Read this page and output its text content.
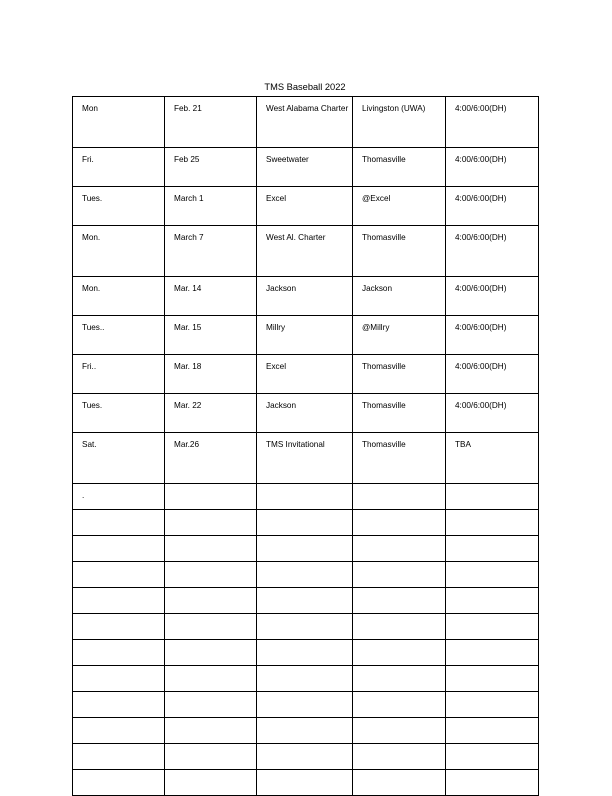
TMS Baseball 2022
Mon	Feb. 21	West Alabama Charter	Livingston (UWA)	4:00/6:00(DH)

Fri.	Feb 25	Sweetwater	Thomasville	4:00/6:00(DH)

Tues.	March 1	Excel	@Excel	4:00/6:00(DH)

Mon.	March 7	West Al. Charter	Thomasville	4:00/6:00(DH)

Mon.	Mar. 14	Jackson	Jackson	4:00/6:00(DH)

Tues..	Mar. 15	Millry	@Millry	4:00/6:00(DH)

Fri..	Mar. 18	Excel	Thomasville	4:00/6:00(DH)

Tues.	Mar. 22	Jackson	Thomasville	4:00/6:00(DH)

Sat.	Mar.26	TMS Invitational	Thomasville	TBA

.				
